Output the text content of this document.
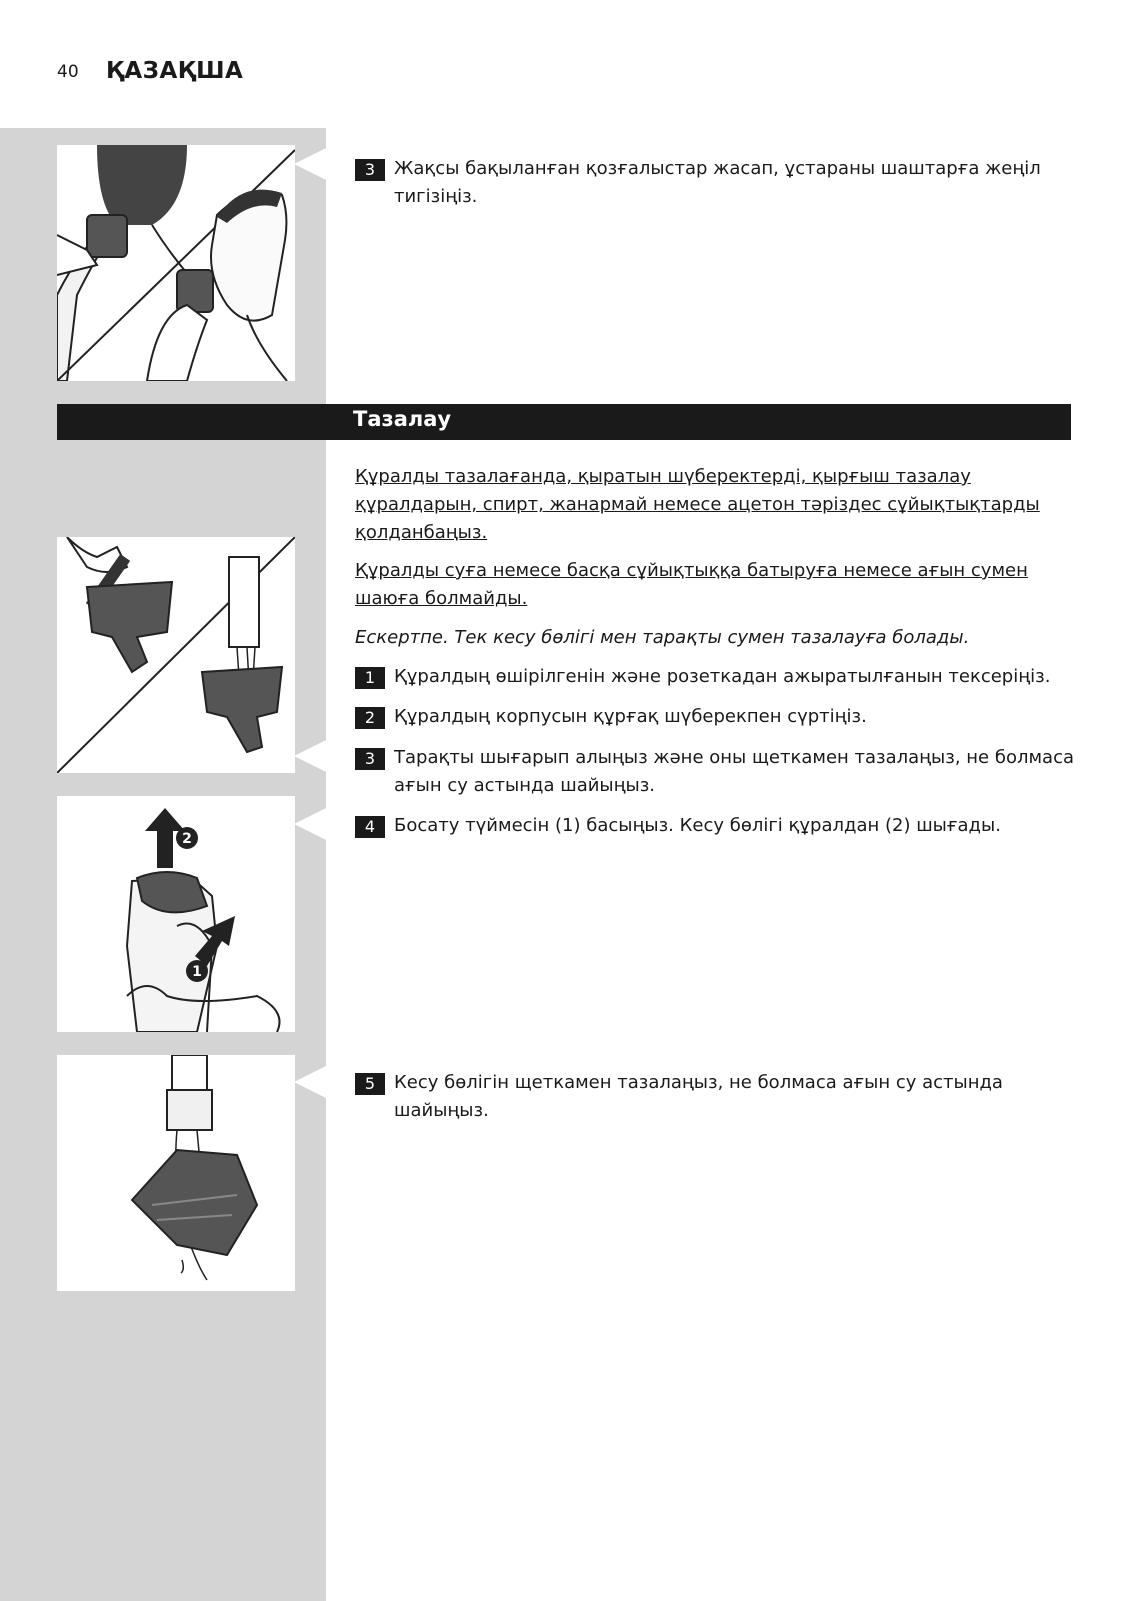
40 ҚАЗАҚША
3	Жақсы бақыланған қозғалыстар жасап, ұстараны шаштарға жеңіл тигізіңіз.
Тазалау
Құралды тазалағанда, қыратын шүберектерді, қырғыш тазалау құралдарын, спирт, жанармай немесе ацетон тәріздес сұйықтықтарды қолданбаңыз.
Құралды суға немесе басқа сұйықтыққа батыруға немесе ағын сумен шаюға болмайды.
Ескертпе. Тек кесу бөлігі мен тарақты сумен тазалауға болады.
1	Құралдың өшірілгенін және розеткадан ажыратылғанын тексеріңіз.
2	Құралдың корпусын құрғақ шүберекпен сүртіңіз.
3	Тарақты шығарып алыңыз және оны щеткамен тазалаңыз, не болмаса ағын су астында шайыңыз.
4	Босату түймесін (1) басыңыз. Кесу бөлігі құралдан (2) шығады.
2
1
5	Кесу бөлігін щеткамен тазалаңыз, не болмаса ағын су астында шайыңыз.
